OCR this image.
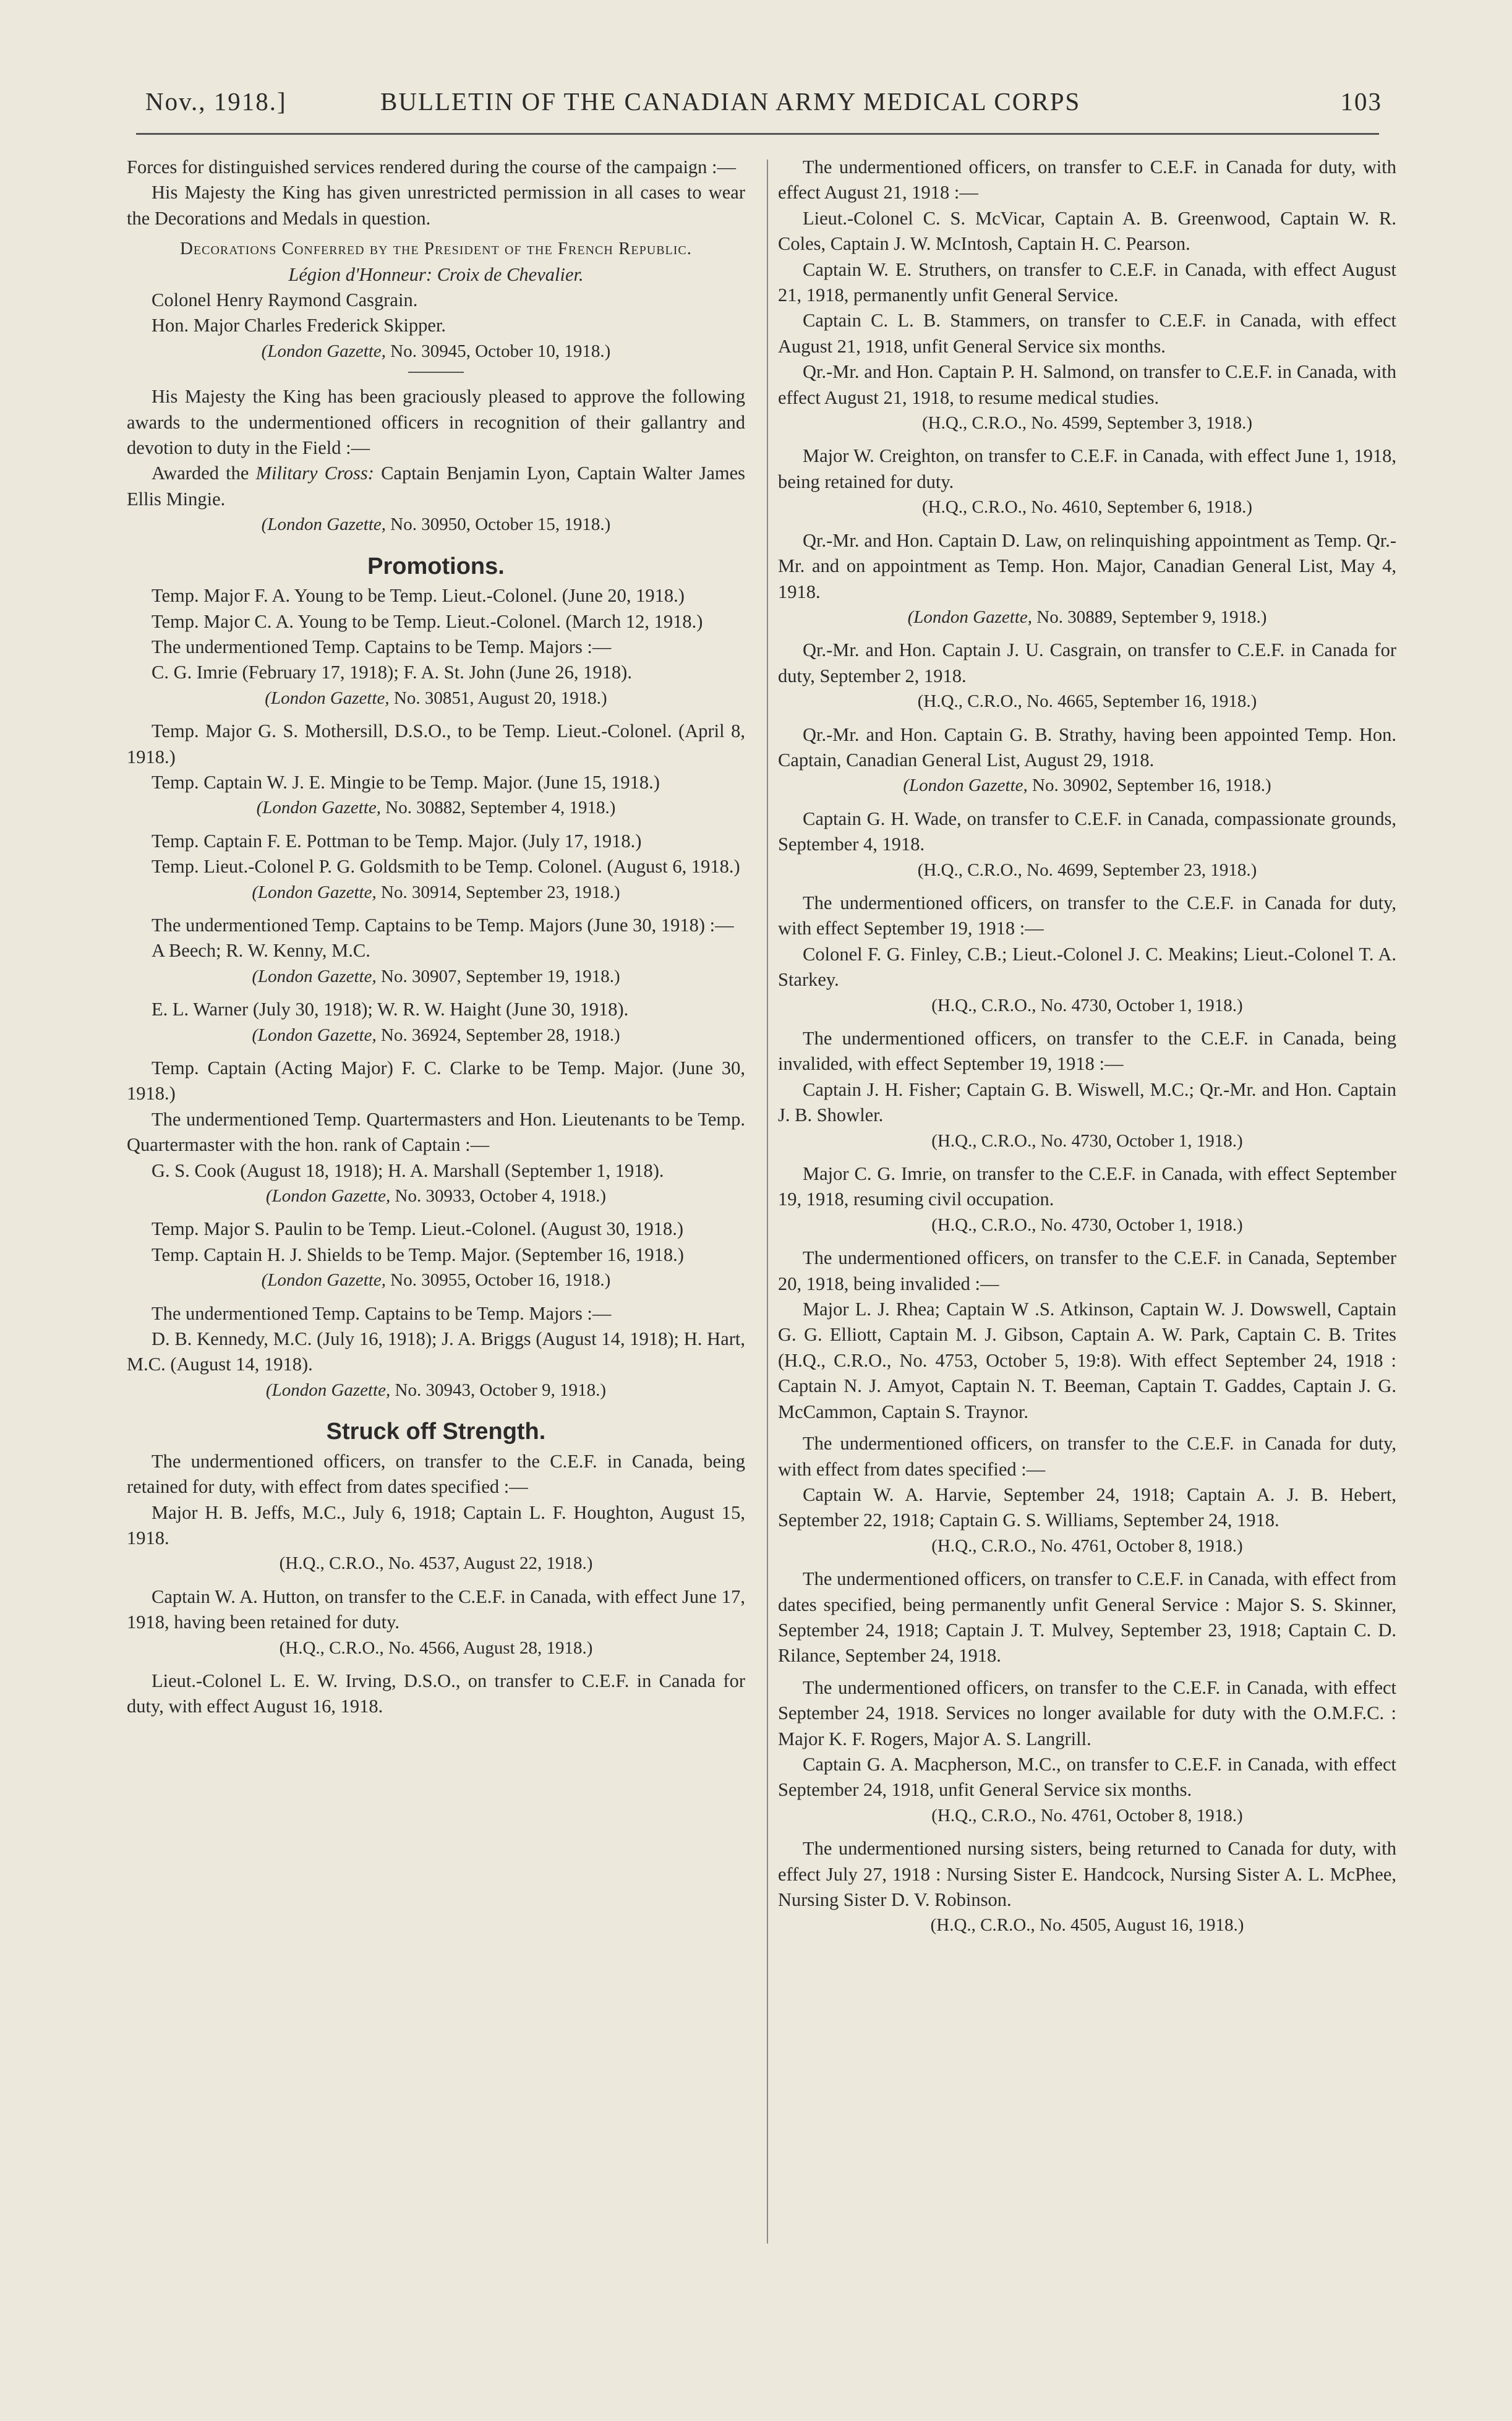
Nov., 1918.]	BULLETIN OF THE CANADIAN ARMY MEDICAL CORPS	103

Forces for distinguished services rendered during the course of the campaign :—

His Majesty the King has given unrestricted permission in all cases to wear the Decorations and Medals in question.

Decorations Conferred by the President of the French Republic.

Légion d'Honneur: Croix de Chevalier.

Colonel Henry Raymond Casgrain.

Hon. Major Charles Frederick Skipper.

(London Gazette, No. 30945, October 10, 1918.)

His Majesty the King has been graciously pleased to approve the following awards to the undermentioned officers in recognition of their gallantry and devotion to duty in the Field :—

Awarded the Military Cross: Captain Benjamin Lyon, Captain Walter James Ellis Mingie.

(London Gazette, No. 30950, October 15, 1918.)

Promotions.

Temp. Major F. A. Young to be Temp. Lieut.-Colonel. (June 20, 1918.)

Temp. Major C. A. Young to be Temp. Lieut.-Colonel. (March 12, 1918.)

The undermentioned Temp. Captains to be Temp. Majors :—

C. G. Imrie (February 17, 1918); F. A. St. John (June 26, 1918).

(London Gazette, No. 30851, August 20, 1918.)

Temp. Major G. S. Mothersill, D.S.O., to be Temp. Lieut.-Colonel. (April 8, 1918.)

Temp. Captain W. J. E. Mingie to be Temp. Major. (June 15, 1918.)

(London Gazette, No. 30882, September 4, 1918.)

Temp. Captain F. E. Pottman to be Temp. Major. (July 17, 1918.)

Temp. Lieut.-Colonel P. G. Goldsmith to be Temp. Colonel. (August 6, 1918.)

(London Gazette, No. 30914, September 23, 1918.)

The undermentioned Temp. Captains to be Temp. Majors (June 30, 1918) :—

A Beech; R. W. Kenny, M.C.

(London Gazette, No. 30907, September 19, 1918.)

E. L. Warner (July 30, 1918); W. R. W. Haight (June 30, 1918).

(London Gazette, No. 36924, September 28, 1918.)

Temp. Captain (Acting Major) F. C. Clarke to be Temp. Major. (June 30, 1918.)

The undermentioned Temp. Quartermasters and Hon. Lieutenants to be Temp. Quartermaster with the hon. rank of Captain :—

G. S. Cook (August 18, 1918); H. A. Marshall (September 1, 1918).

(London Gazette, No. 30933, October 4, 1918.)

Temp. Major S. Paulin to be Temp. Lieut.-Colonel. (August 30, 1918.)

Temp. Captain H. J. Shields to be Temp. Major. (September 16, 1918.)

(London Gazette, No. 30955, October 16, 1918.)

The undermentioned Temp. Captains to be Temp. Majors :—

D. B. Kennedy, M.C. (July 16, 1918); J. A. Briggs (August 14, 1918); H. Hart, M.C. (August 14, 1918).

(London Gazette, No. 30943, October 9, 1918.)

Struck off Strength.

The undermentioned officers, on transfer to the C.E.F. in Canada, being retained for duty, with effect from dates specified :—

Major H. B. Jeffs, M.C., July 6, 1918; Captain L. F. Houghton, August 15, 1918.

(H.Q., C.R.O., No. 4537, August 22, 1918.)

Captain W. A. Hutton, on transfer to the C.E.F. in Canada, with effect June 17, 1918, having been retained for duty.

(H.Q., C.R.O., No. 4566, August 28, 1918.)

Lieut.-Colonel L. E. W. Irving, D.S.O., on transfer to C.E.F. in Canada for duty, with effect August 16, 1918.

The undermentioned officers, on transfer to C.E.F. in Canada for duty, with effect August 21, 1918 :—

Lieut.-Colonel C. S. McVicar, Captain A. B. Greenwood, Captain W. R. Coles, Captain J. W. McIntosh, Captain H. C. Pearson.

Captain W. E. Struthers, on transfer to C.E.F. in Canada, with effect August 21, 1918, permanently unfit General Service.

Captain C. L. B. Stammers, on transfer to C.E.F. in Canada, with effect August 21, 1918, unfit General Service six months.

Qr.-Mr. and Hon. Captain P. H. Salmond, on transfer to C.E.F. in Canada, with effect August 21, 1918, to resume medical studies.

(H.Q., C.R.O., No. 4599, September 3, 1918.)

Major W. Creighton, on transfer to C.E.F. in Canada, with effect June 1, 1918, being retained for duty.

(H.Q., C.R.O., No. 4610, September 6, 1918.)

Qr.-Mr. and Hon. Captain D. Law, on relinquishing appointment as Temp. Qr.-Mr. and on appointment as Temp. Hon. Major, Canadian General List, May 4, 1918.

(London Gazette, No. 30889, September 9, 1918.)

Qr.-Mr. and Hon. Captain J. U. Casgrain, on transfer to C.E.F. in Canada for duty, September 2, 1918.

(H.Q., C.R.O., No. 4665, September 16, 1918.)

Qr.-Mr. and Hon. Captain G. B. Strathy, having been appointed Temp. Hon. Captain, Canadian General List, August 29, 1918.

(London Gazette, No. 30902, September 16, 1918.)

Captain G. H. Wade, on transfer to C.E.F. in Canada, compassionate grounds, September 4, 1918.

(H.Q., C.R.O., No. 4699, September 23, 1918.)

The undermentioned officers, on transfer to the C.E.F. in Canada for duty, with effect September 19, 1918 :—

Colonel F. G. Finley, C.B.; Lieut.-Colonel J. C. Meakins; Lieut.-Colonel T. A. Starkey.

(H.Q., C.R.O., No. 4730, October 1, 1918.)

The undermentioned officers, on transfer to the C.E.F. in Canada, being invalided, with effect September 19, 1918 :—

Captain J. H. Fisher; Captain G. B. Wiswell, M.C.; Qr.-Mr. and Hon. Captain J. B. Showler.

(H.Q., C.R.O., No. 4730, October 1, 1918.)

Major C. G. Imrie, on transfer to the C.E.F. in Canada, with effect September 19, 1918, resuming civil occupation.

(H.Q., C.R.O., No. 4730, October 1, 1918.)

The undermentioned officers, on transfer to the C.E.F. in Canada, September 20, 1918, being invalided :—

Major L. J. Rhea; Captain W .S. Atkinson, Captain W. J. Dowswell, Captain G. G. Elliott, Captain M. J. Gibson, Captain A. W. Park, Captain C. B. Trites (H.Q., C.R.O., No. 4753, October 5, 19:8). With effect September 24, 1918 : Captain N. J. Amyot, Captain N. T. Beeman, Captain T. Gaddes, Captain J. G. McCammon, Captain S. Traynor.

The undermentioned officers, on transfer to the C.E.F. in Canada for duty, with effect from dates specified :—

Captain W. A. Harvie, September 24, 1918; Captain A. J. B. Hebert, September 22, 1918; Captain G. S. Williams, September 24, 1918.

(H.Q., C.R.O., No. 4761, October 8, 1918.)

The undermentioned officers, on transfer to C.E.F. in Canada, with effect from dates specified, being permanently unfit General Service : Major S. S. Skinner, September 24, 1918; Captain J. T. Mulvey, September 23, 1918; Captain C. D. Rilance, September 24, 1918.

The undermentioned officers, on transfer to the C.E.F. in Canada, with effect September 24, 1918. Services no longer available for duty with the O.M.F.C. : Major K. F. Rogers, Major A. S. Langrill.

Captain G. A. Macpherson, M.C., on transfer to C.E.F. in Canada, with effect September 24, 1918, unfit General Service six months.

(H.Q., C.R.O., No. 4761, October 8, 1918.)

The undermentioned nursing sisters, being returned to Canada for duty, with effect July 27, 1918 : Nursing Sister E. Handcock, Nursing Sister A. L. McPhee, Nursing Sister D. V. Robinson.

(H.Q., C.R.O., No. 4505, August 16, 1918.)
